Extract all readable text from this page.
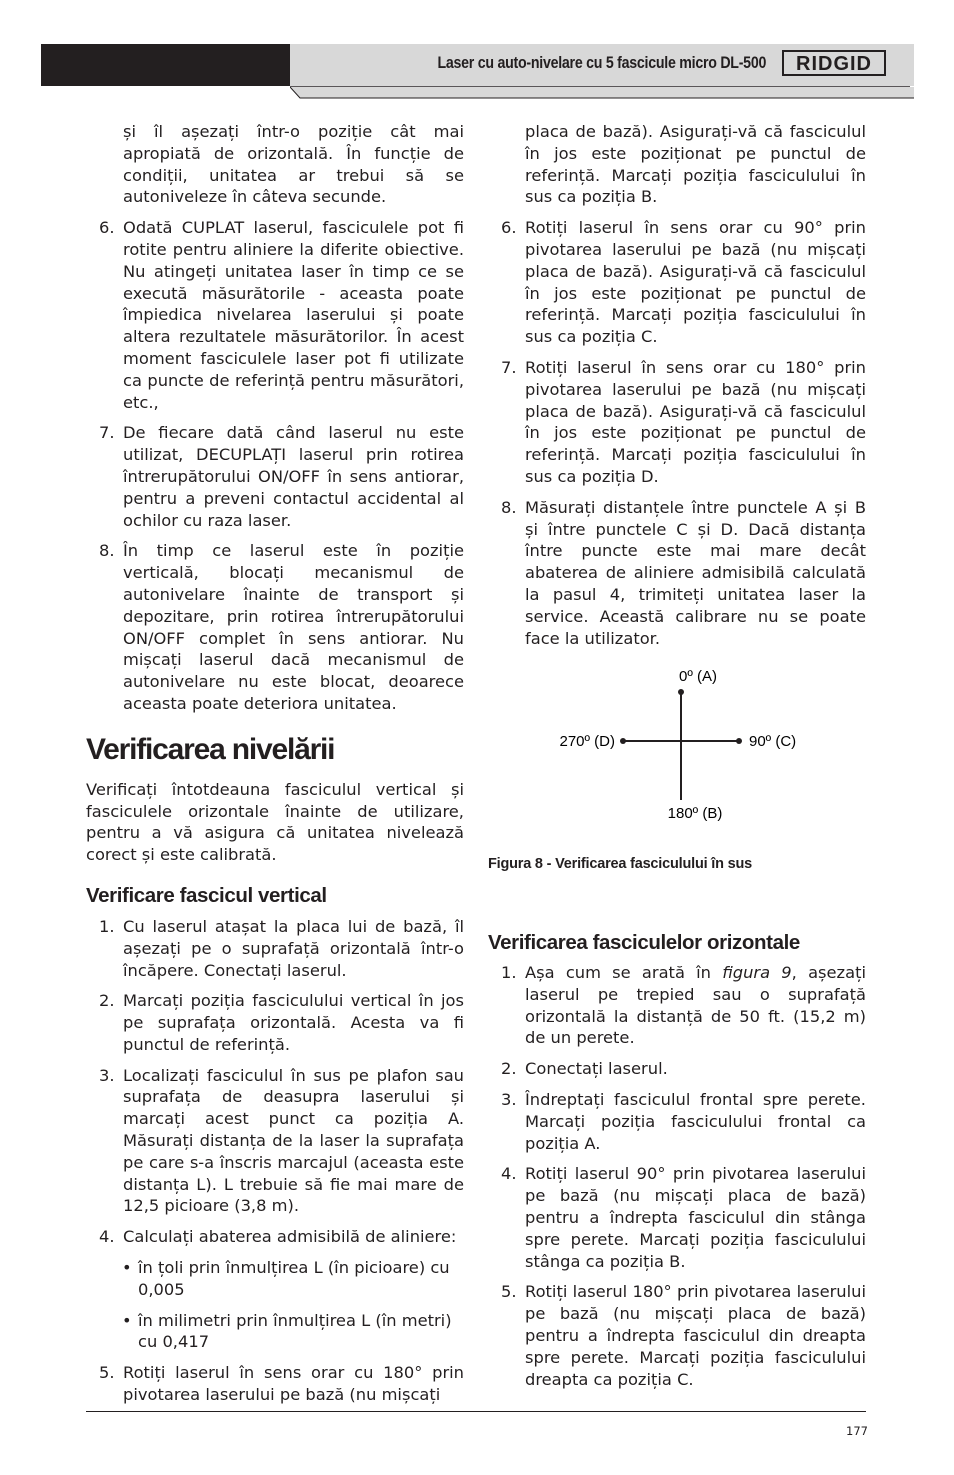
Laser cu auto-nivelare cu 5 fascicule micro DL-500 RIDGID

și îl așezați într-o poziție cât mai apropiată de orizontală. În funcție de condiții, unitatea ar trebui să se autoniveleze în câteva secunde.

6. Odată CUPLAT laserul, fasciculele pot fi rotite pentru aliniere la diferite obiective. Nu atingeți unitatea laser în timp ce se execută măsurătorile - aceasta poate împiedica nivelarea laserului și poate altera rezultatele măsurătorilor. În acest moment fasciculele laser pot fi utilizate ca puncte de referință pentru măsurători, etc.,
7. De fiecare dată când laserul nu este utilizat, DECUPLAȚI laserul prin rotirea întrerupătorului ON/OFF în sens antiorar, pentru a preveni contactul accidental al ochilor cu raza laser.
8. În timp ce laserul este în poziție verticală, blocați mecanismul de autonivelare înainte de transport și depozitare, prin rotirea întrerupătorului ON/OFF complet în sens antiorar. Nu mișcați laserul dacă mecanismul de autonivelare nu este blocat, deoarece aceasta poate deteriora unitatea.
Verificarea nivelării

Verificați întotdeauna fasciculul vertical și fasciculele orizontale înainte de utilizare, pentru a vă asigura că unitatea nivelează corect și este calibrată.

Verificare fascicul vertical
1. Cu laserul atașat la placa lui de bază, îl așezați pe o suprafață orizontală într-o încăpere. Conectați laserul.
2. Marcați poziția fasciculului vertical în jos pe suprafața orizontală. Acesta va fi punctul de referință.
3. Localizați fasciculul în sus pe plafon sau suprafața de deasupra laserului și marcați acest punct ca poziția A. Măsurați distanța de la laser la suprafața pe care s-a înscris marcajul (aceasta este distanța L). L trebuie să fie mai mare de 12,5 picioare (3,8 m).
4. Calculați abaterea admisibilă de aliniere:
• în țoli prin înmulțirea L (în picioare) cu 0,005
• în milimetri prin înmulțirea L (în metri) cu 0,417
5. Rotiți laserul în sens orar cu 180° prin pivotarea laserului pe bază (nu mișcați

placa de bază). Asigurați-vă că fasciculul în jos este poziționat pe punctul de referință. Marcați poziția fasciculului în sus ca poziția B.

6. Rotiți laserul în sens orar cu 90° prin pivotarea laserului pe bază (nu mișcați placa de bază). Asigurați-vă că fasciculul în jos este poziționat pe punctul de referință. Marcați poziția fasciculului în sus ca poziția C.
7. Rotiți laserul în sens orar cu 180° prin pivotarea laserului pe bază (nu mișcați placa de bază). Asigurați-vă că fasciculul în jos este poziționat pe punctul de referință. Marcați poziția fasciculului în sus ca poziția D.
8. Măsurați distanțele între punctele A și B și între punctele C și D. Dacă distanța între puncte este mai mare decât abaterea de aliniere admisibilă calculată la pasul 4, trimiteți unitatea laser la service. Această calibrare nu se poate face la utilizator.
0º (A)
90º (C)
180º (B)
270º (D)
Figura 8 - Verificarea fasciculului în sus
Verificarea fasciculelor orizontale
1. Așa cum se arată în figura 9, așezați laserul pe trepied sau o suprafață orizontală la distanță de 50 ft. (15,2 m) de un perete.
2. Conectați laserul.
3. Îndreptați fasciculul frontal spre perete. Marcați poziția fasciculului frontal ca poziția A.
4. Rotiți laserul 90° prin pivotarea laserului pe bază (nu mișcați placa de bază) pentru a îndrepta fasciculul din stânga spre perete. Marcați poziția fasciculului stânga ca poziția B.
5. Rotiți laserul 180° prin pivotarea laserului pe bază (nu mișcați placa de bază) pentru a îndrepta fasciculul din dreapta spre perete. Marcați poziția fasciculului dreapta ca poziția C.
177
